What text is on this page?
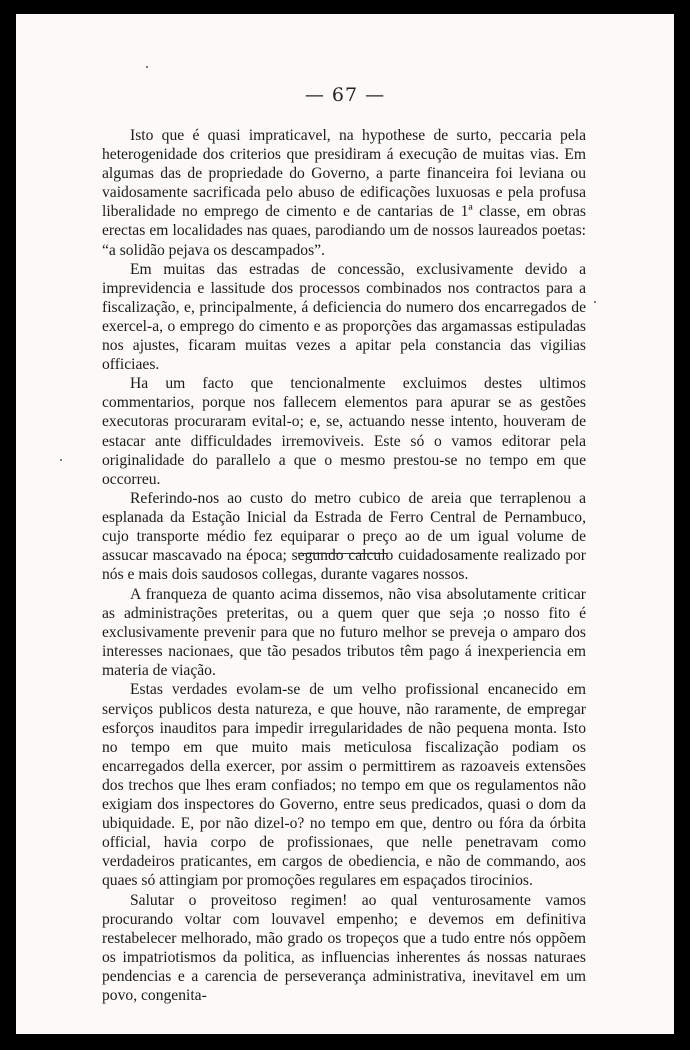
— 67 —

Isto que é quasi impraticavel, na hypothese de surto, peccaria pela heterogenidade dos criterios que presidiram á execução de muitas vias. Em algumas das de propriedade do Governo, a parte financeira foi leviana ou vaidosamente sacrificada pelo abuso de edificações luxuosas e pela profusa liberalidade no emprego de cimento e de cantarias de 1ª classe, em obras erectas em localidades nas quaes, parodiando um de nossos laureados poetas: “a solidão pejava os descampados”.

Em muitas das estradas de concessão, exclusivamente devido a imprevidencia e lassitude dos processos combinados nos contractos para a fiscalização, e, principalmente, á deficiencia do numero dos encarregados de exercel-a, o emprego do cimento e as proporções das argamassas estipuladas nos ajustes, ficaram muitas vezes a apitar pela constancia das vigilias officiaes.

Ha um facto que tencionalmente excluimos destes ultimos commentarios, porque nos fallecem elementos para apurar se as gestões executoras procuraram evital-o; e, se, actuando nesse intento, houveram de estacar ante difficuldades irremoviveis. Este só o vamos editorar pela originalidade do parallelo a que o mesmo prestou-se no tempo em que occorreu.

Referindo-nos ao custo do metro cubico de areia que terraplenou a esplanada da Estação Inicial da Estrada de Ferro Central de Pernambuco, cujo transporte médio fez equiparar o preço ao de um igual volume de assucar mascavado na época; segundo calculo cuidadosamente realizado por nós e mais dois saudosos collegas, durante vagares nossos.

A franqueza de quanto acima dissemos, não visa absolutamente criticar as administrações preteritas, ou a quem quer que seja ;o nosso fito é exclusivamente prevenir para que no futuro melhor se preveja o amparo dos interesses nacionaes, que tão pesados tributos têm pago á inexperiencia em materia de viação.

Estas verdades evolam-se de um velho profissional encanecido em serviços publicos desta natureza, e que houve, não raramente, de empregar esforços inauditos para impedir irregularidades de não pequena monta. Isto no tempo em que muito mais meticulosa fiscalização podiam os encarregados della exercer, por assim o permittirem as razoaveis extensões dos trechos que lhes eram confiados; no tempo em que os regulamentos não exigiam dos inspectores do Governo, entre seus predicados, quasi o dom da ubiquidade. E, por não dizel-o? no tempo em que, dentro ou fóra da órbita official, havia corpo de profissionaes, que nelle penetravam como verdadeiros praticantes, em cargos de obediencia, e não de commando, aos quaes só attingiam por promoções regulares em espaçados tirocinios.

Salutar o proveitoso regimen! ao qual venturosamente vamos procurando voltar com louvavel empenho; e devemos em definitiva restabelecer melhorado, mão grado os tropeços que a tudo entre nós oppõem os impatriotismos da politica, as influencias inherentes ás nossas naturaes pendencias e a carencia de perseverança administrativa, inevitavel em um povo, congenita-
